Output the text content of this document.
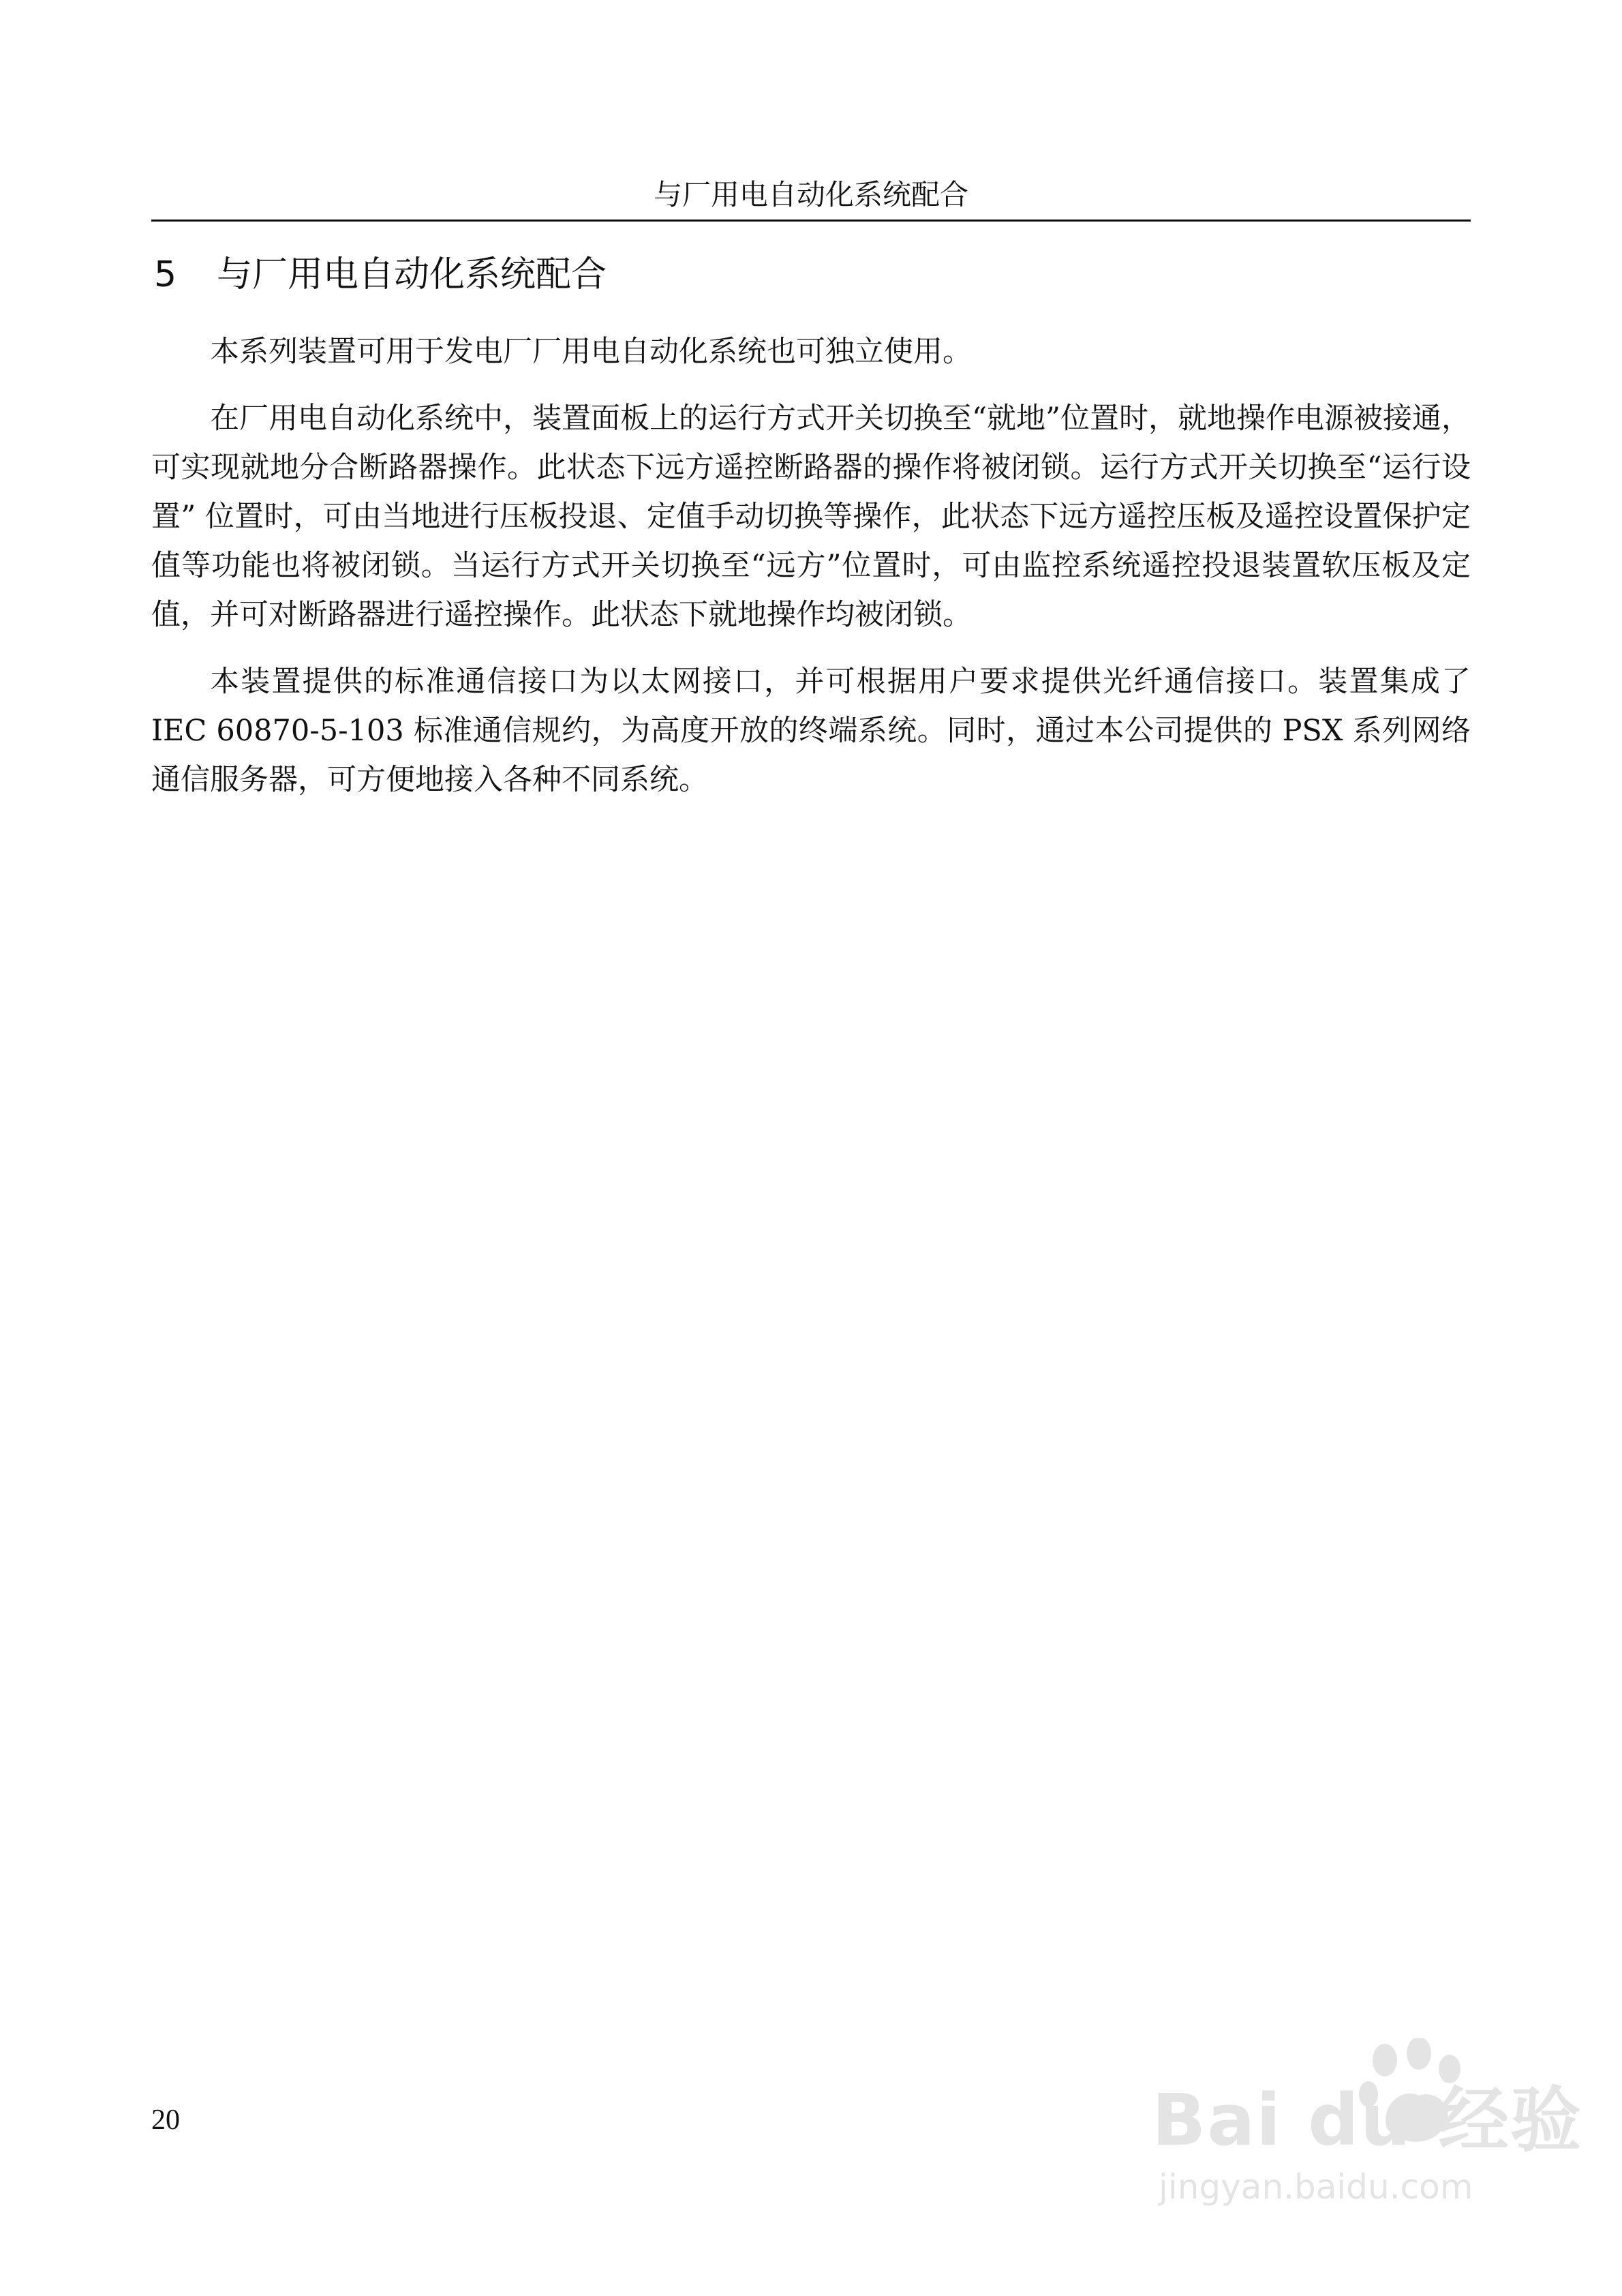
与厂用电自动化系统配合
5 与厂用电自动化系统配合

本系列装置可用于发电厂厂用电自动化系统也可独立使用。

在厂用电自动化系统中，装置面板上的运行方式开关切换至“就地”位置时，就地操作电源被接通，可实现就地分合断路器操作。此状态下远方遥控断路器的操作将被闭锁。运行方式开关切换至“运行设置” 位置时，可由当地进行压板投退、定值手动切换等操作，此状态下远方遥控压板及遥控设置保护定值等功能也将被闭锁。当运行方式开关切换至“远方”位置时，可由监控系统遥控投退装置软压板及定值，并可对断路器进行遥控操作。此状态下就地操作均被闭锁。

本装置提供的标准通信接口为以太网接口，并可根据用户要求提供光纤通信接口。装置集成了 IEC 60870-5-103 标准通信规约，为高度开放的终端系统。同时，通过本公司提供的 PSX 系列网络通信服务器，可方便地接入各种不同系统。

20	Bai du 经验
jingyan.baidu.com
